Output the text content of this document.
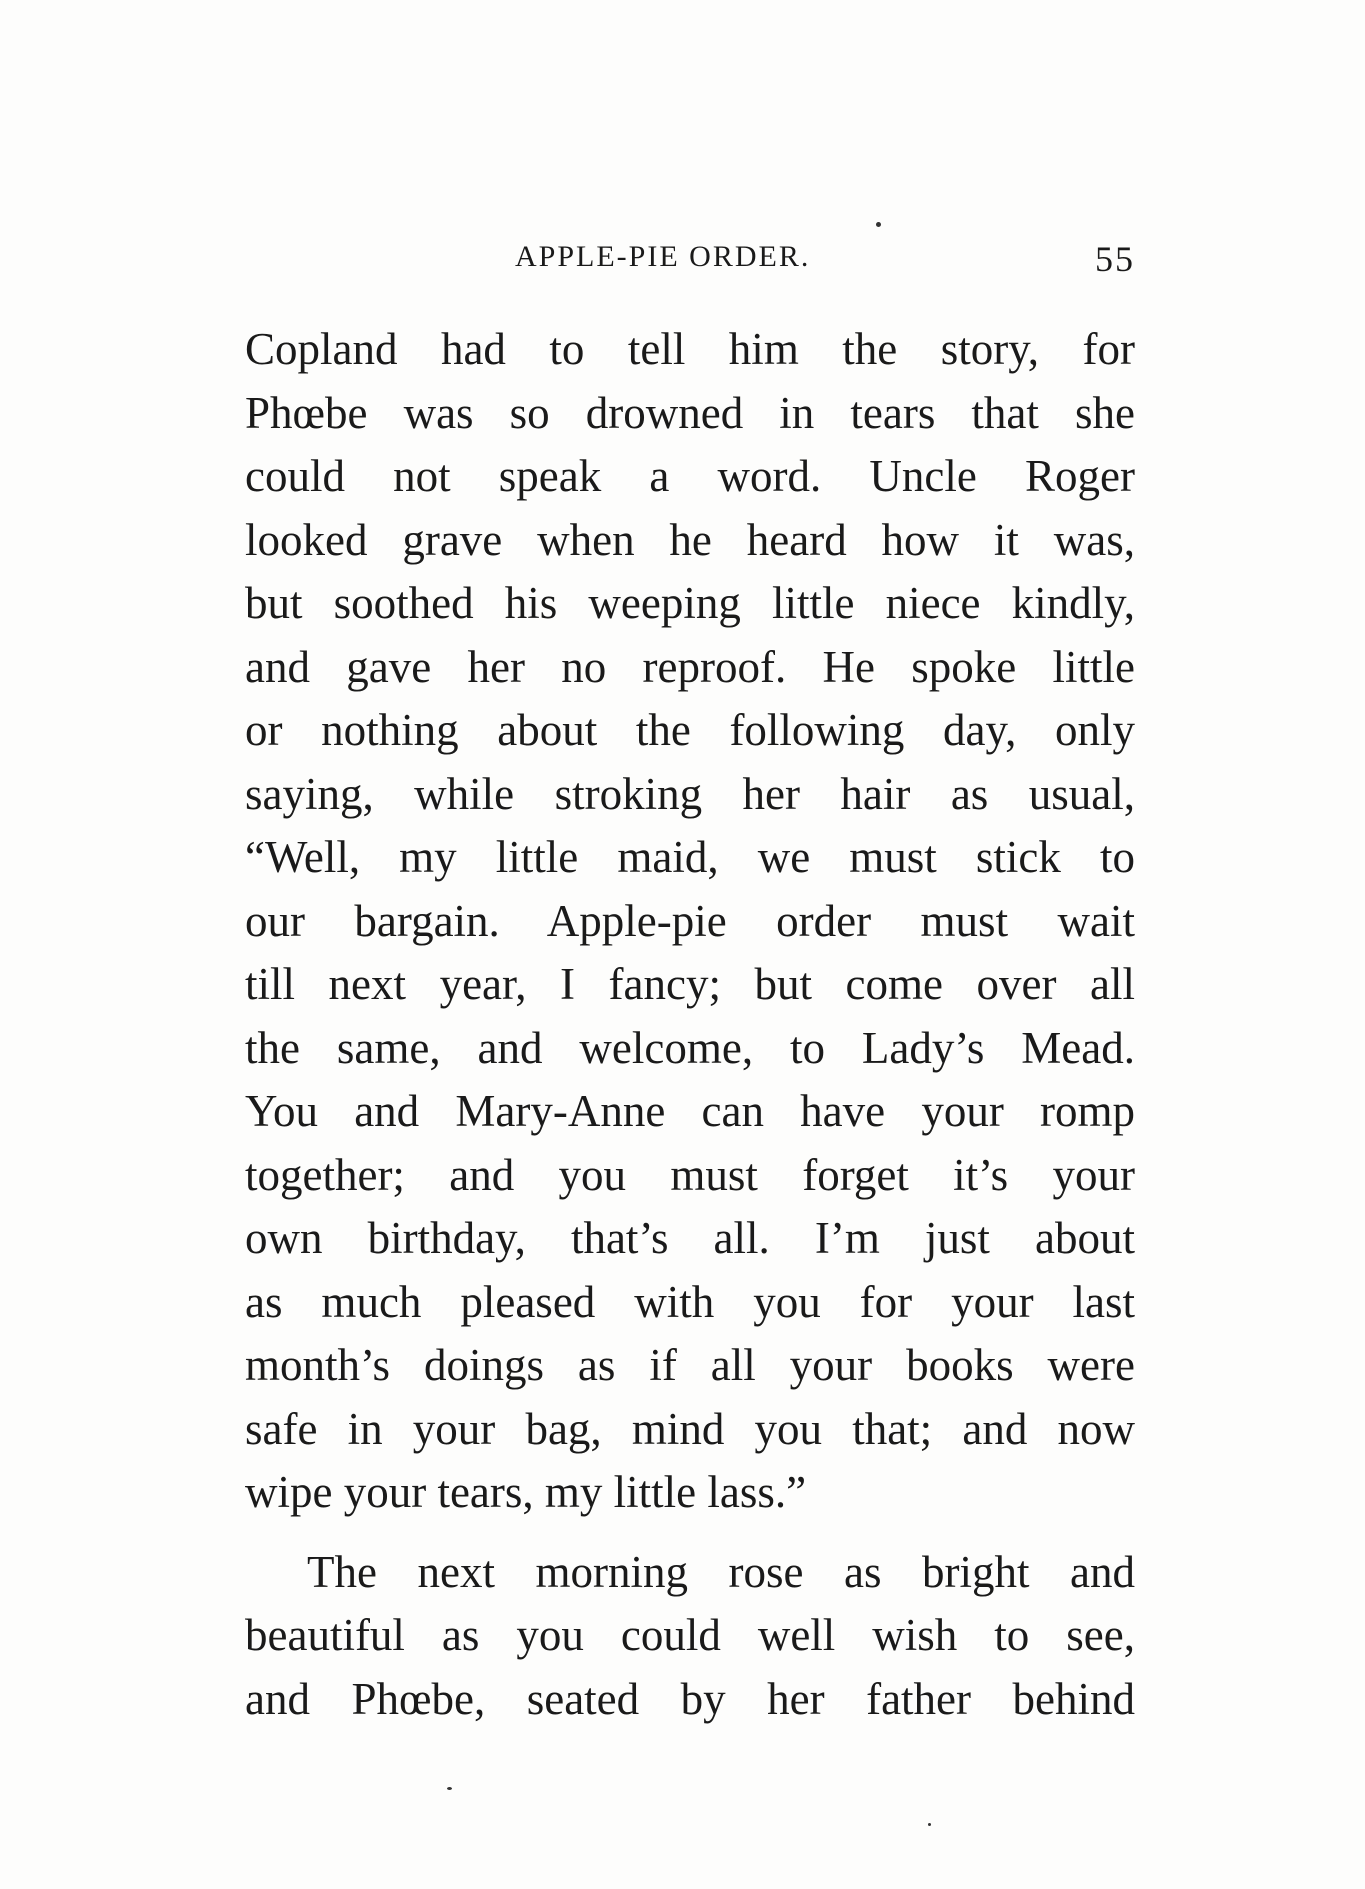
APPLE-PIE ORDER.	55
Copland had to tell him the story, for
Phœbe was so drowned in tears that she
could not speak a word. Uncle Roger
looked grave when he heard how it was,
but soothed his weeping little niece kindly,
and gave her no reproof. He spoke little
or nothing about the following day, only
saying, while stroking her hair as usual,
“Well, my little maid, we must stick to
our bargain. Apple-pie order must wait
till next year, I fancy; but come over all
the same, and welcome, to Lady’s Mead.
You and Mary-Anne can have your romp
together; and you must forget it’s your
own birthday, that’s all. I’m just about
as much pleased with you for your last
month’s doings as if all your books were
safe in your bag, mind you that; and now
wipe your tears, my little lass.”
The next morning rose as bright and
beautiful as you could well wish to see,
and Phœbe, seated by her father behind
